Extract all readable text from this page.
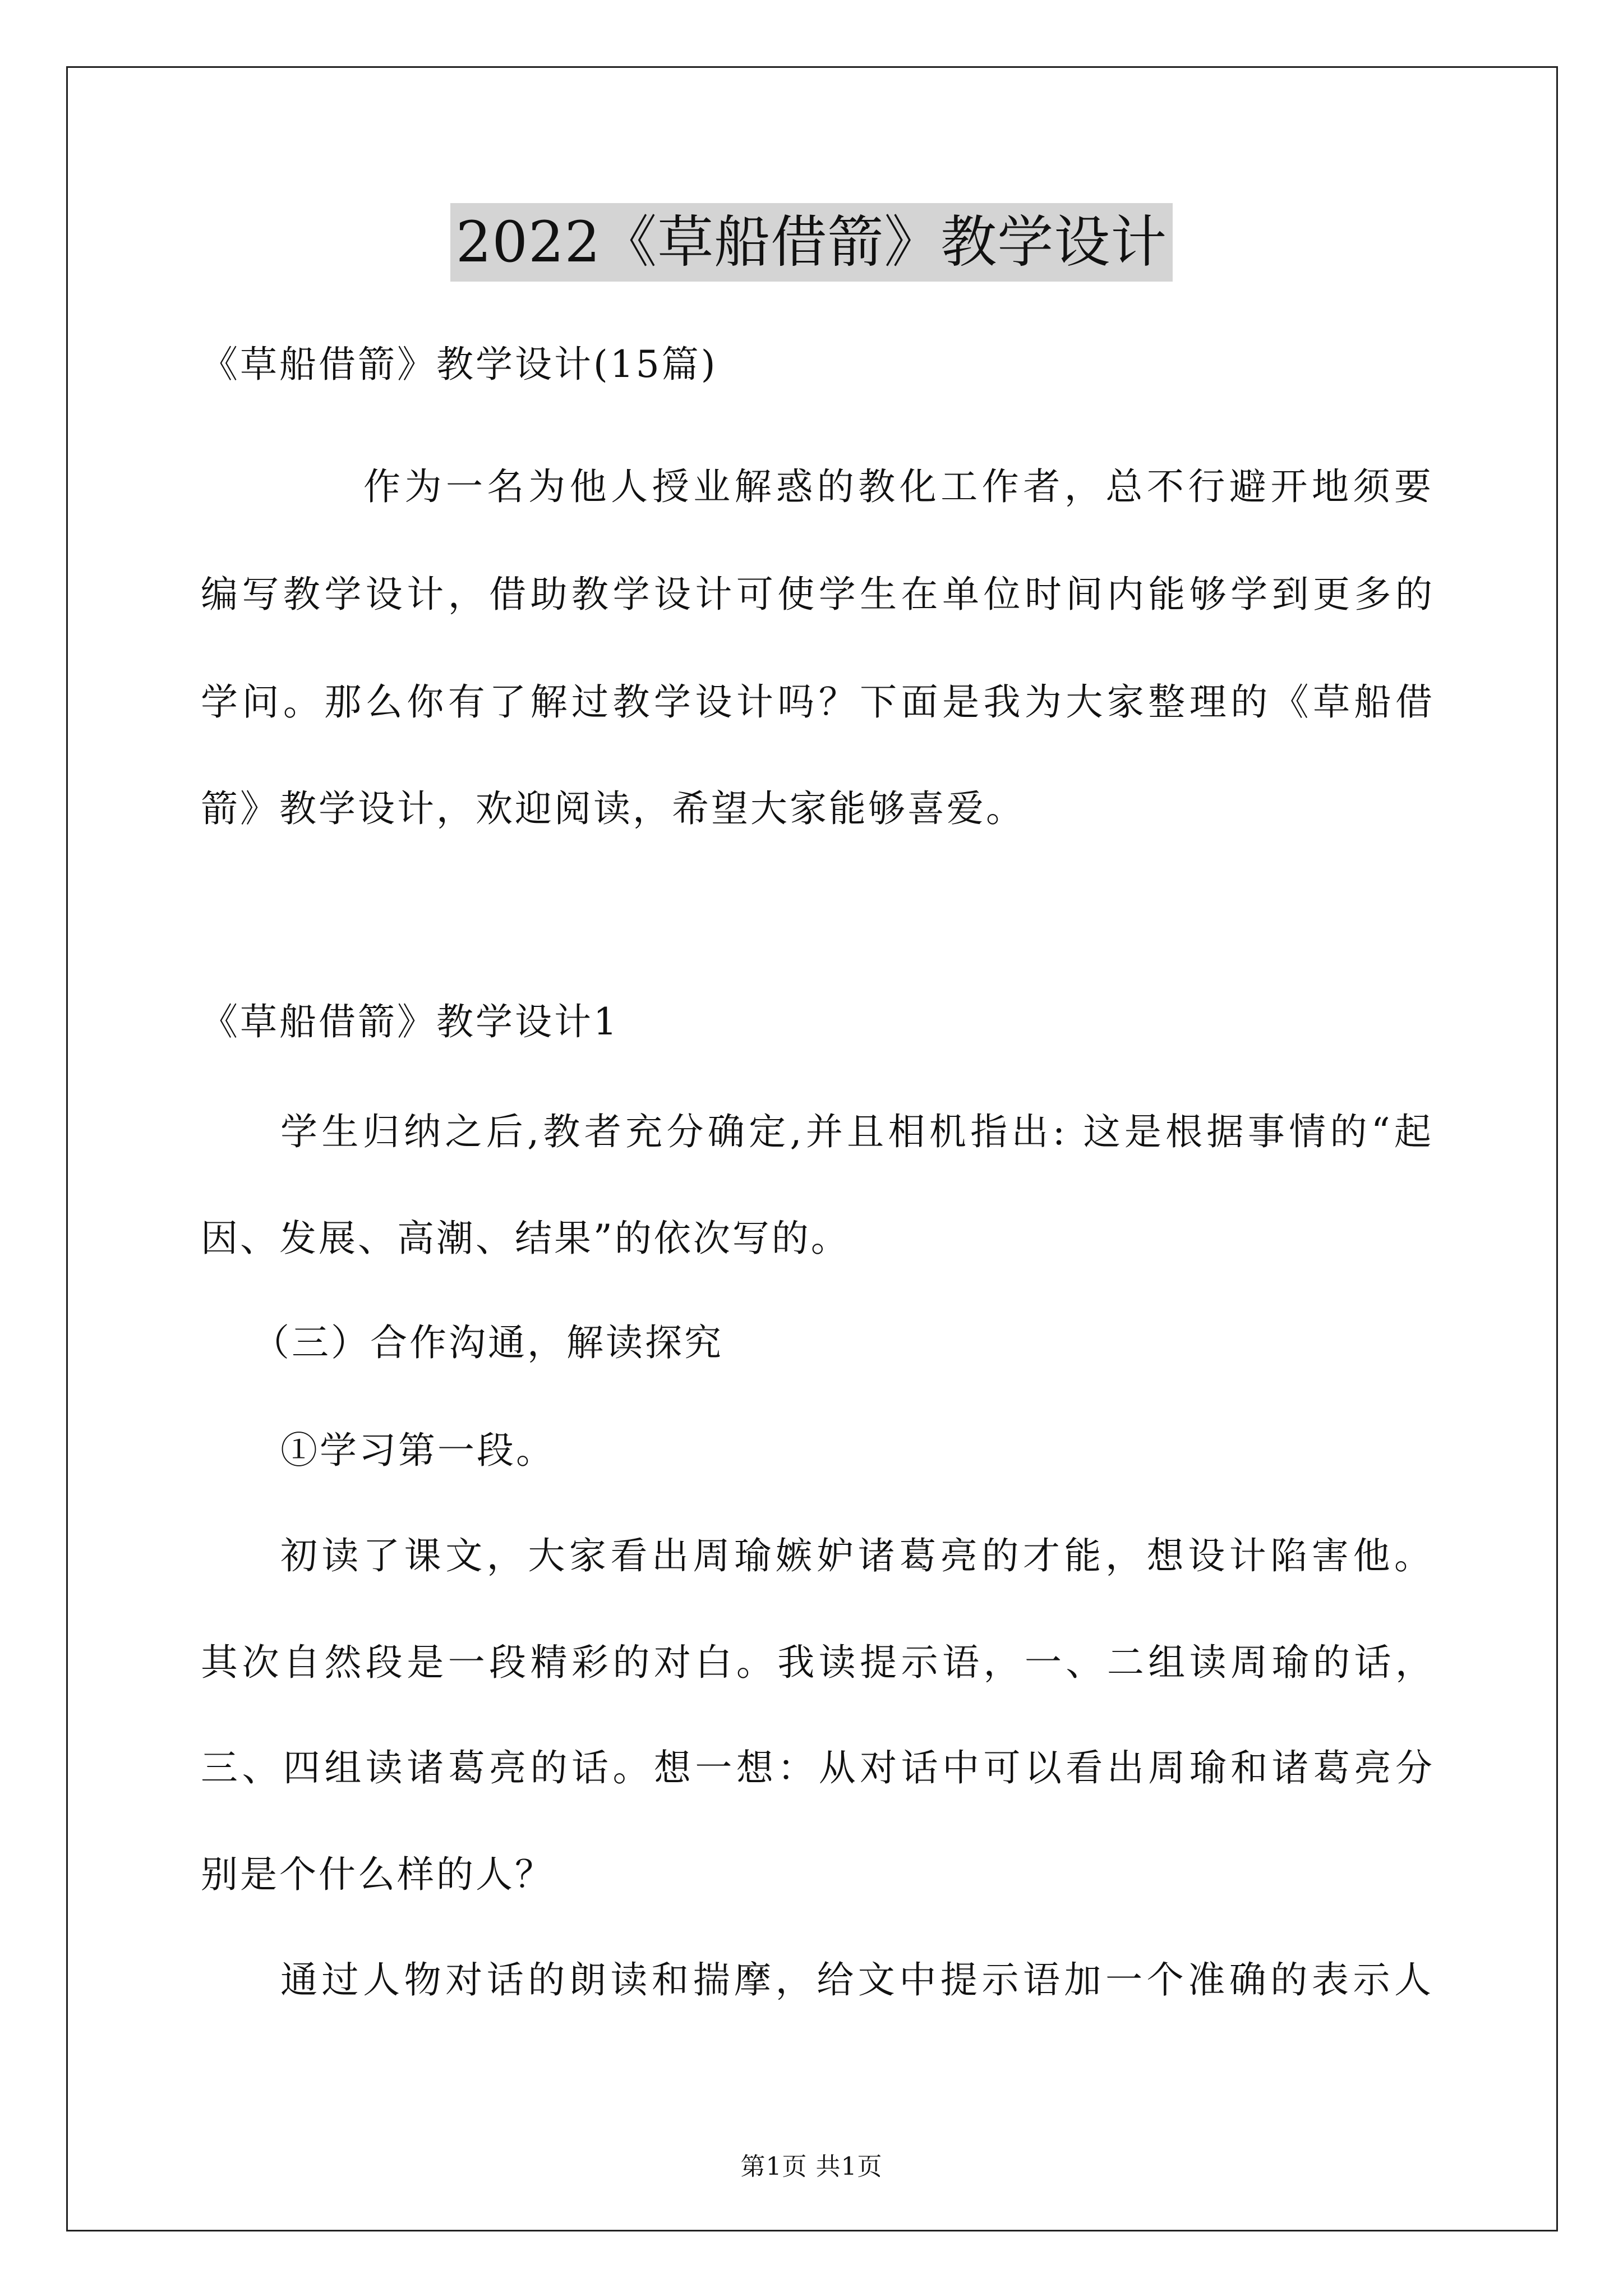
2022《草船借箭》教学设计
《草船借箭》教学设计(15篇)
作为一名为他人授业解惑的教化工作者，总不行避开地须要
编写教学设计，借助教学设计可使学生在单位时间内能够学到更多的
学问。那么你有了解过教学设计吗？下面是我为大家整理的《草船借
箭》教学设计，欢迎阅读，希望大家能够喜爱。
《草船借箭》教学设计1
学生归纳之后,教者充分确定,并且相机指出: 这是根据事情的“起
因、发展、高潮、结果”的依次写的。
（三）合作沟通，解读探究
①学习第一段。
初读了课文，大家看出周瑜嫉妒诸葛亮的才能，想设计陷害他。
其次自然段是一段精彩的对白。我读提示语，一、二组读周瑜的话，
三、四组读诸葛亮的话。想一想：从对话中可以看出周瑜和诸葛亮分
别是个什么样的人？
通过人物对话的朗读和揣摩，给文中提示语加一个准确的表示人
第1页 共1页
